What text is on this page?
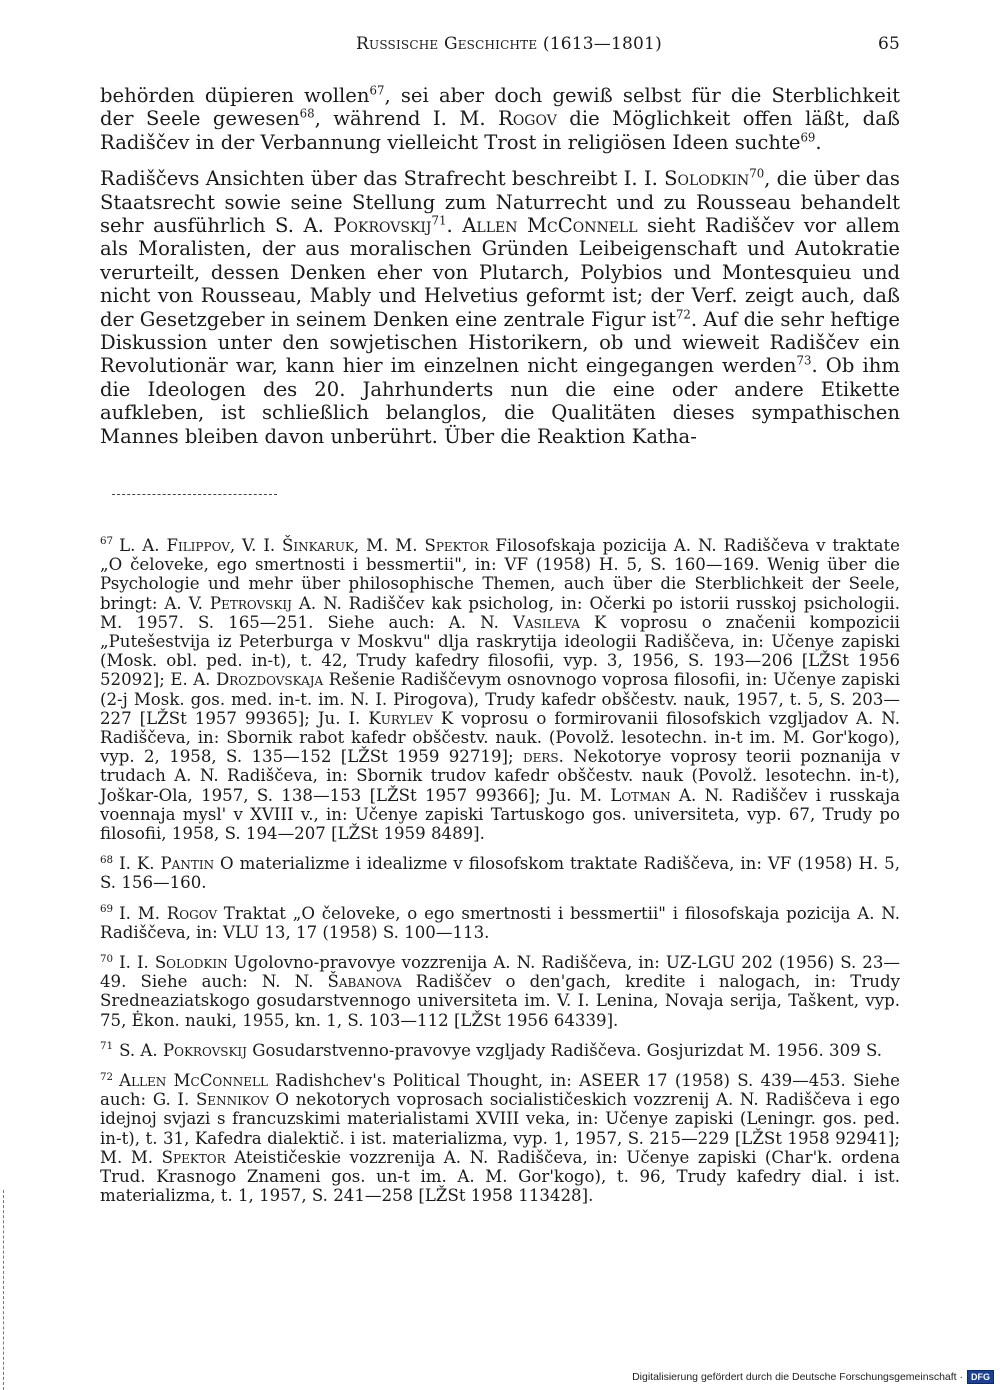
Russische Geschichte (1613—1801)	65

behörden düpieren wollen$^{67}$, sei aber doch gewiß selbst für die Sterblichkeit der Seele gewesen$^{68}$, während I. M. Rogov die Möglichkeit offen läßt, daß Radiščev in der Verbannung vielleicht Trost in religiösen Ideen suchte$^{69}$.

Radiščevs Ansichten über das Strafrecht beschreibt I. I. Solodkin$^{70}$, die über das Staatsrecht sowie seine Stellung zum Naturrecht und zu Rousseau behandelt sehr ausführlich S. A. Pokrovskij$^{71}$. Allen McConnell sieht Radiščev vor allem als Moralisten, der aus moralischen Gründen Leibeigenschaft und Autokratie verurteilt, dessen Denken eher von Plutarch, Polybios und Montesquieu und nicht von Rousseau, Mably und Helvetius geformt ist; der Verf. zeigt auch, daß der Gesetzgeber in seinem Denken eine zentrale Figur ist$^{72}$. Auf die sehr heftige Diskussion unter den sowjetischen Historikern, ob und wieweit Radiščev ein Revolutionär war, kann hier im einzelnen nicht eingegangen werden$^{73}$. Ob ihm die Ideologen des 20. Jahrhunderts nun die eine oder andere Etikette aufkleben, ist schließlich belanglos, die Qualitäten dieses sympathischen Mannes bleiben davon unberührt. Über die Reaktion Katha-

$^{67}$ L. A. Filippov, V. I. Šinkaruk, M. M. Spektor Filosofskaja pozicija A. N. Radiščeva v traktate „O čeloveke, ego smertnosti i bessmertii", in: VF (1958) H. 5, S. 160—169. Wenig über die Psychologie und mehr über philosophische Themen, auch über die Sterblichkeit der Seele, bringt: A. V. Petrovskij A. N. Radiščev kak psicholog, in: Očerki po istorii russkoj psichologii. M. 1957. S. 165—251. Siehe auch: A. N. Vasileva K voprosu o značenii kompozicii „Putešestvija iz Peterburga v Moskvu" dlja raskrytija ideologii Radiščeva, in: Učenye zapiski (Mosk. obl. ped. in-t), t. 42, Trudy kafedry filosofii, vyp. 3, 1956, S. 193—206 [LŽSt 1956 52092]; E. A. Drozdovskaja Rešenie Radiščevym osnovnogo voprosa filosofii, in: Učenye zapiski (2-j Mosk. gos. med. in-t. im. N. I. Pirogova), Trudy kafedr obščestv. nauk, 1957, t. 5, S. 203—227 [LŽSt 1957 99365]; Ju. I. Kurylev K voprosu o formirovanii filosofskich vzgljadov A. N. Radiščeva, in: Sbornik rabot kafedr obščestv. nauk. (Povolž. lesotechn. in-t im. M. Gor'kogo), vyp. 2, 1958, S. 135—152 [LŽSt 1959 92719]; ders. Nekotorye voprosy teorii poznanija v trudach A. N. Radiščeva, in: Sbornik trudov kafedr obščestv. nauk (Povolž. lesotechn. in-t), Joškar-Ola, 1957, S. 138—153 [LŽSt 1957 99366]; Ju. M. Lotman A. N. Radiščev i russkaja voennaja mysl' v XVIII v., in: Učenye zapiski Tartuskogo gos. universiteta, vyp. 67, Trudy po filosofii, 1958, S. 194—207 [LŽSt 1959 8489].

$^{68}$ I. K. Pantin O materializme i idealizme v filosofskom traktate Radiščeva, in: VF (1958) H. 5, S. 156—160.

$^{69}$ I. M. Rogov Traktat „O čeloveke, o ego smertnosti i bessmertii" i filosofskaja pozicija A. N. Radiščeva, in: VLU 13, 17 (1958) S. 100—113.

$^{70}$ I. I. Solodkin Ugolovno-pravovye vozzrenija A. N. Radiščeva, in: UZ-LGU 202 (1956) S. 23—49. Siehe auch: N. N. Šabanova Radiščev o den'gach, kredite i nalogach, in: Trudy Sredneaziatskogo gosudarstvennogo universiteta im. V. I. Lenina, Novaja serija, Taškent, vyp. 75, Ėkon. nauki, 1955, kn. 1, S. 103—112 [LŽSt 1956 64339].

$^{71}$ S. A. Pokrovskij Gosudarstvenno-pravovye vzgljady Radiščeva. Gosjurizdat M. 1956. 309 S.

$^{72}$ Allen McConnell Radishchev's Political Thought, in: ASEER 17 (1958) S. 439—453. Siehe auch: G. I. Sennikov O nekotorych voprosach socialističeskich vozzrenij A. N. Radiščeva i ego idejnoj svjazi s francuzskimi materialistami XVIII veka, in: Učenye zapiski (Leningr. gos. ped. in-t), t. 31, Kafedra dialektič. i ist. materializma, vyp. 1, 1957, S. 215—229 [LŽSt 1958 92941]; M. M. Spektor Ateističeskie vozzrenija A. N. Radiščeva, in: Učenye zapiski (Char'k. ordena Trud. Krasnogo Znameni gos. un-t im. A. M. Gor'kogo), t. 96, Trudy kafedry dial. i ist. materializma, t. 1, 1957, S. 241—258 [LŽSt 1958 113428].

Digitalisierung gefördert durch die Deutsche Forschungsgemeinschaft · DFG
